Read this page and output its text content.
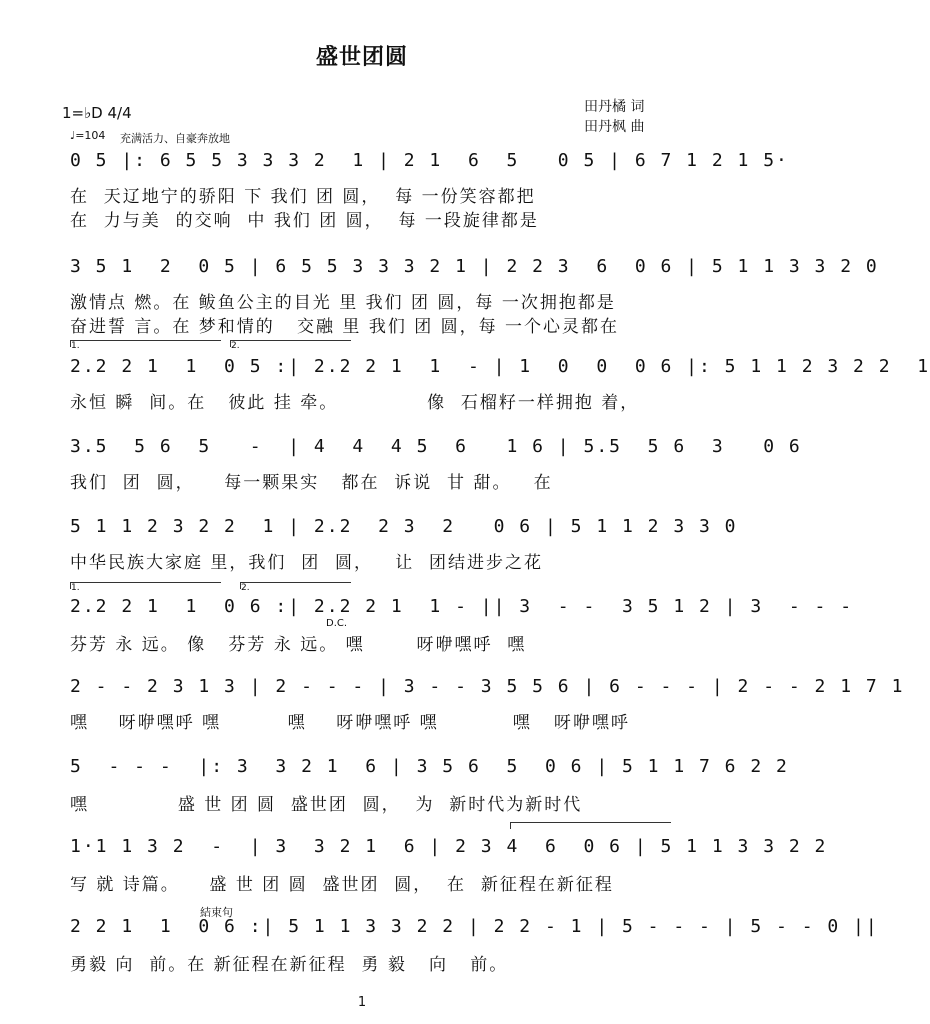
盛世团圆
1=♭D 4/4
♩=104 充满活力、自豪奔放地
田丹橘 词
田丹枫 曲
0 5 |: 6 5 5 3 3 3 2  1 | 2 1  6  5   0 5 | 6 7 1 2 1 5·
在  天辽地宁的骄阳 下 我们 团 圆，  每 一份笑容都把
在  力与美  的交响  中 我们 团 圆，  每 一段旋律都是
3 5 1  2  0 5 | 6 5 5 3 3 3 2 1 | 2 2 3  6  0 6 | 5 1 1 3 3 2 0
激情点 燃。在 鲅鱼公主的目光 里 我们 团 圆，每 一次拥抱都是
奋进誓 言。在 梦和情的   交融 里 我们 团 圆，每 一个心灵都在
1.	2.
2.2 2 1  1  0 5 :| 2.2 2 1  1  - | 1  0  0  0 6 |: 5 1 1 2 3 2 2  1
永恒 瞬  间。在   彼此 挂 牵。            像  石榴籽一样拥抱 着，
3.5  5 6  5   -  | 4  4  4 5  6   1 6 | 5.5  5 6  3   0 6
我们  团  圆，    每一颗果实   都在  诉说  甘 甜。   在
5 1 1 2 3 2 2  1 | 2.2  2 3  2   0 6 | 5 1 1 2 3 3 0
中华民族大家庭 里，我们  团  圆，   让  团结进步之花
1.	2.
2.2 2 1  1  0 6 :| 2.2 2 1  1 - || 3  - -  3 5 1 2 | 3  - - -
D.C.
芬芳 永 远。 像   芬芳 永 远。 嘿       呀咿嘿呼  嘿
2 - - 2 3 1 3 | 2 - - - | 3 - - 3 5 5 6 | 6 - - - | 2 - - 2 1 7 1
嘿    呀咿嘿呼 嘿         嘿    呀咿嘿呼 嘿          嘿   呀咿嘿呼
5  - - -  |: 3  3 2 1  6 | 3 5 6  5  0 6 | 5 1 1 7 6 2 2
嘿            盛 世 团 圆  盛世团  圆，  为  新时代为新时代
1·1 1 3 2  -  | 3  3 2 1  6 | 2 3 4  6  0 6 | 5 1 1 3 3 2 2
写 就 诗篇。    盛 世 团 圆  盛世团  圆，  在  新征程在新征程
結束句
2 2 1  1  0 6 :| 5 1 1 3 3 2 2 | 2 2 - 1 | 5 - - - | 5 - - 0 ||
勇毅 向  前。在 新征程在新征程  勇 毅   向   前。
1
